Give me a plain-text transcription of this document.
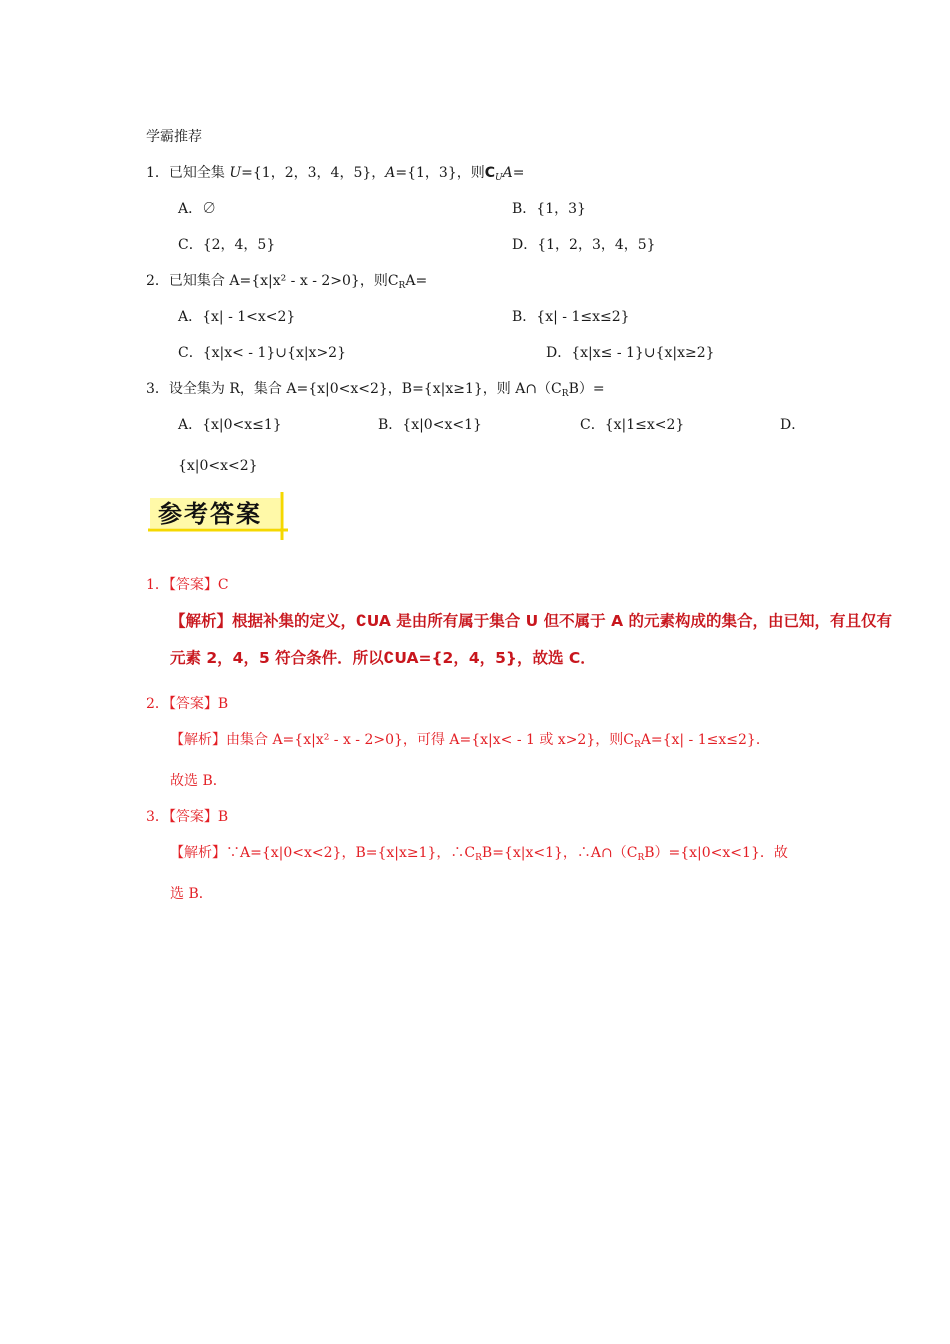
学霸推荐
1．已知全集 U={1，2，3，4，5}，A={1，3}，则$C_UA=$
A．∅	B．{1，3}
C．{2，4，5}	D．{1，2，3，4，5}
2．已知集合 A={x|x² - x - 2>0}，则$C_RA=$
A．{x| - 1<x<2}	B．{x| - 1≤x≤2}
C．{x|x< - 1}∪{x|x>2}	D．{x|x≤ - 1}∪{x|x≥2}
3．设全集为 R，集合 A={x|0<x<2}，B={x|x≥1}，则 $A\cap(C_RB)=$
A．{x|0<x≤1}	B．{x|0<x<1}	C．{x|1≤x<2}	D．
{x|0<x<2}
参考答案
1．【答案】C
【解析】根据补集的定义，∁UA 是由所有属于集合 U 但不属于 A 的元素构成的集合，由已知，有且仅有
元素 2，4，5 符合条件．所以∁UA={2，4，5}，故选 C．
2．【答案】B
【解析】由集合 A={x|x² - x - 2>0}，可得 A={x|x< - 1 或 x>2}，则$C_RA=\{x| - 1\le x\le 2\}$．
故选 B．
3．【答案】B
【解析】∵A={x|0<x<2}，B={x|x≥1}，$\therefore C_RB=\{x|x<1\}$，$\therefore A\cap(C_RB)=\{x|0<x<1\}$．故
选 B．
